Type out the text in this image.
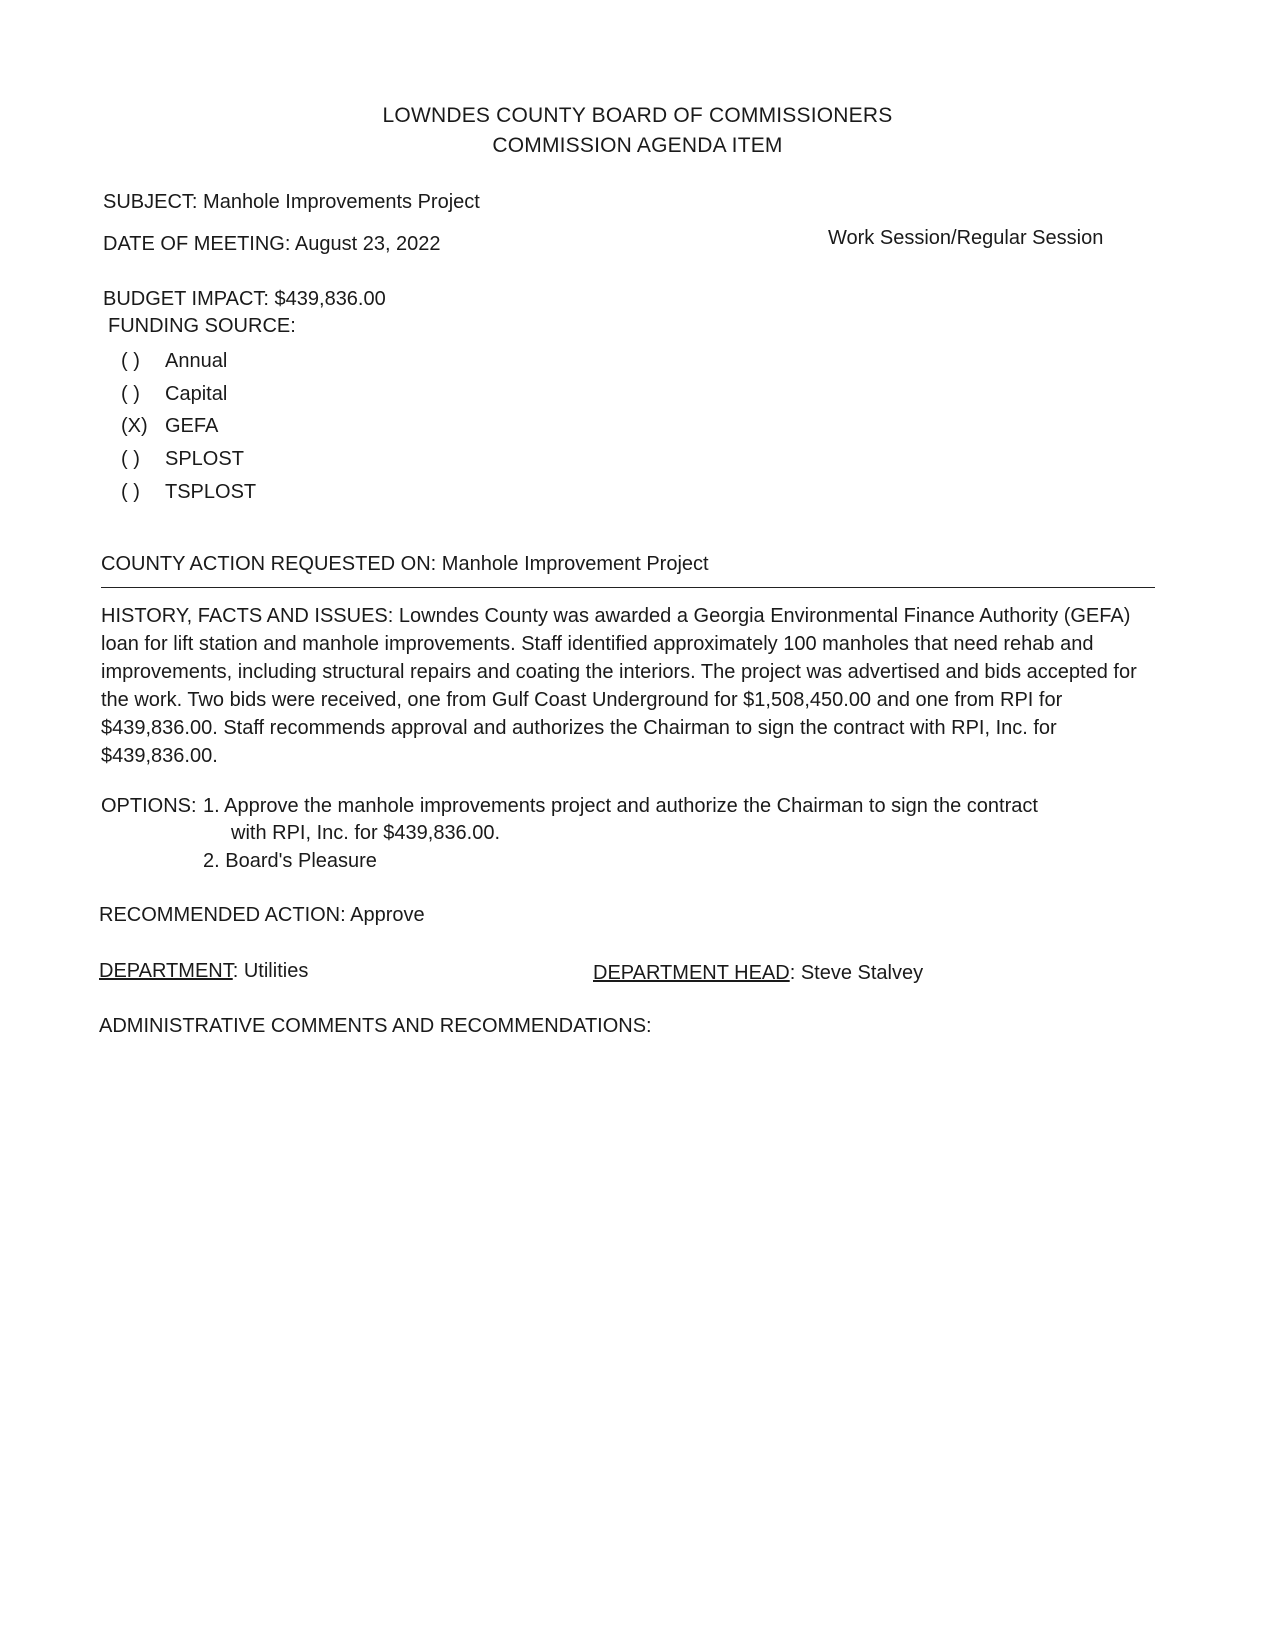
LOWNDES COUNTY BOARD OF COMMISSIONERS
COMMISSION AGENDA ITEM
SUBJECT: Manhole Improvements Project
DATE OF MEETING: August 23, 2022	Work Session/Regular Session
BUDGET IMPACT: $439,836.00
FUNDING SOURCE:
( ) Annual
( ) Capital
(X) GEFA
( ) SPLOST
( ) TSPLOST
COUNTY ACTION REQUESTED ON: Manhole Improvement Project
HISTORY, FACTS AND ISSUES: Lowndes County was awarded a Georgia Environmental Finance Authority (GEFA) loan for lift station and manhole improvements. Staff identified approximately 100 manholes that need rehab and improvements, including structural repairs and coating the interiors. The project was advertised and bids accepted for the work. Two bids were received, one from Gulf Coast Underground for $1,508,450.00 and one from RPI for $439,836.00. Staff recommends approval and authorizes the Chairman to sign the contract with RPI, Inc. for $439,836.00.
OPTIONS: 1. Approve the manhole improvements project and authorize the Chairman to sign the contract
with RPI, Inc. for $439,836.00.
2. Board's Pleasure
RECOMMENDED ACTION: Approve
DEPARTMENT: Utilities	DEPARTMENT HEAD: Steve Stalvey
ADMINISTRATIVE COMMENTS AND RECOMMENDATIONS:
